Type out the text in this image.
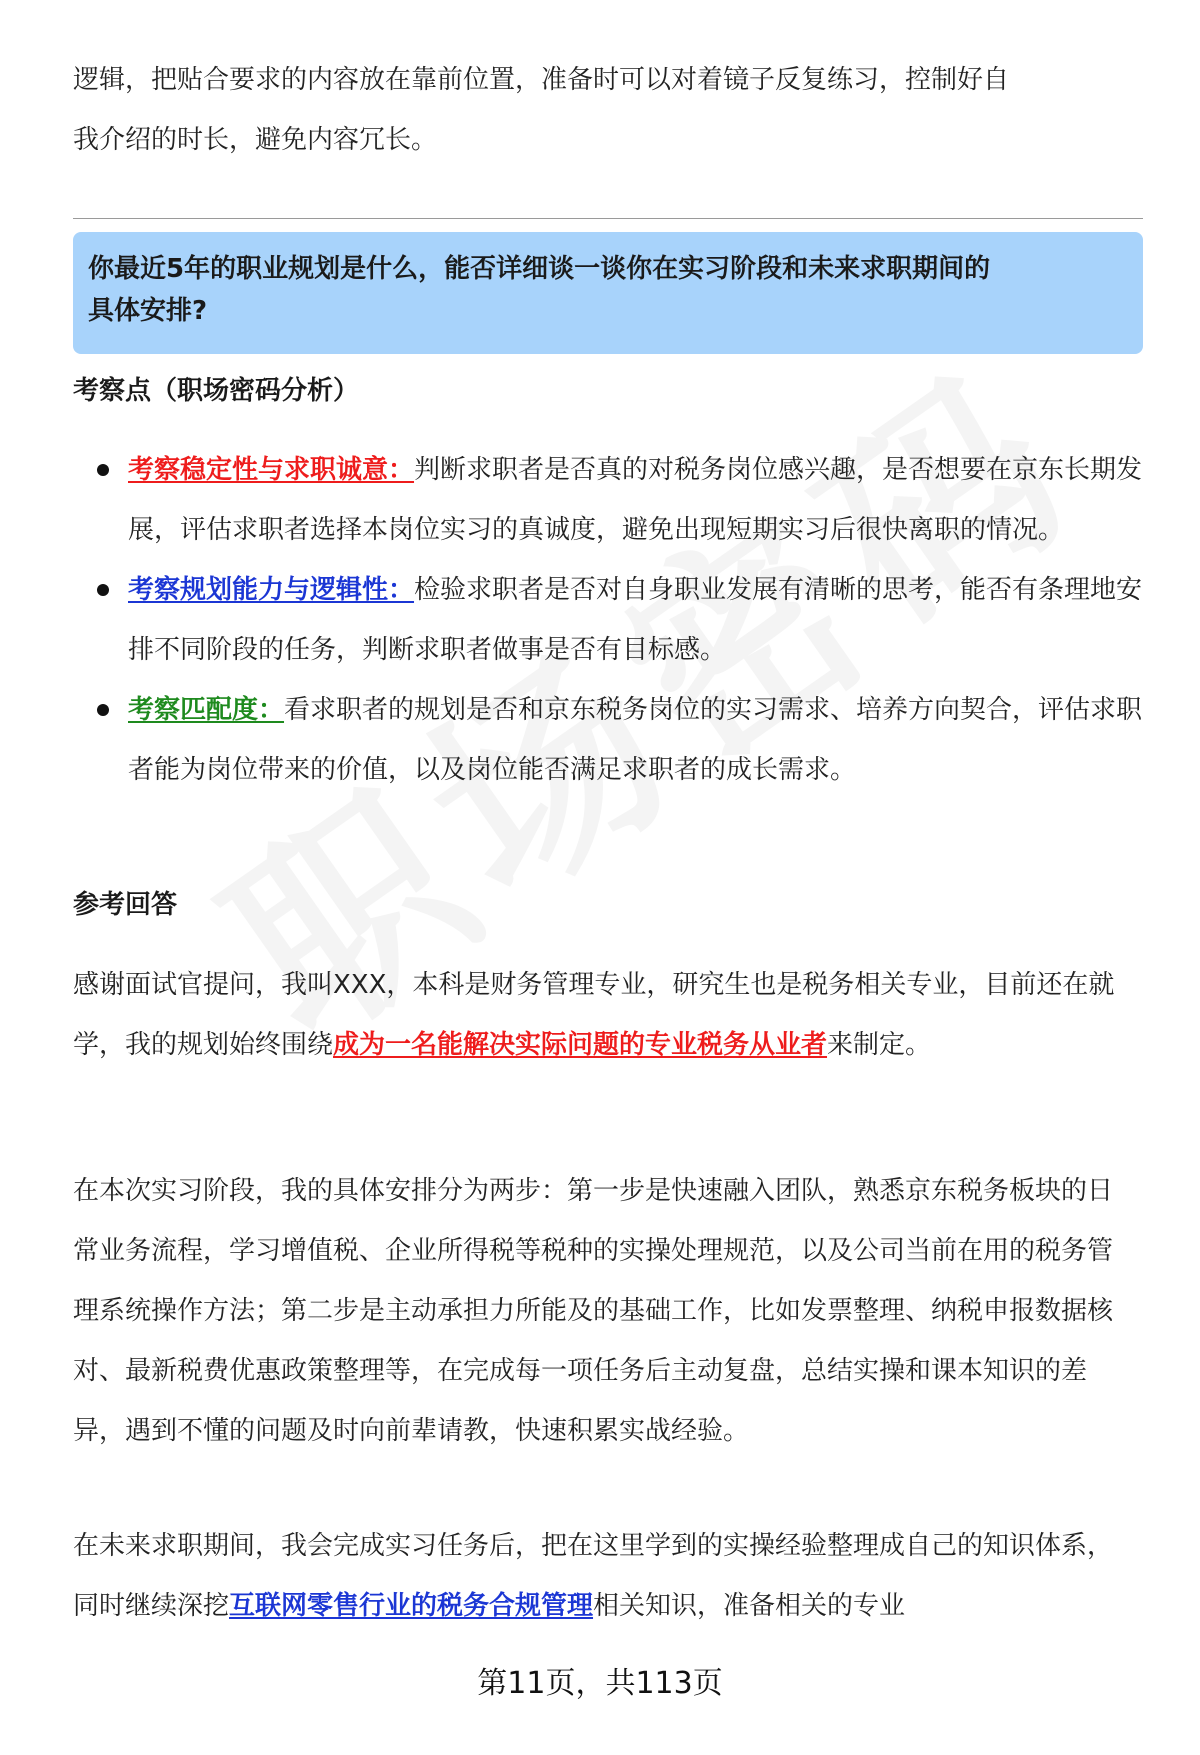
逻辑，把贴合要求的内容放在靠前位置，准备时可以对着镜子反复练习，控制好自

我介绍的时长，避免内容冗长。

你最近5年的职业规划是什么，能否详细谈一谈你在实习阶段和未来求职期间的
具体安排?
考察点（职场密码分析）
考察稳定性与求职诚意：判断求职者是否真的对税务岗位感兴趣，是否想要在京东长期发展，评估求职者选择本岗位实习的真诚度，避免出现短期实习后很快离职的情况。
考察规划能力与逻辑性：检验求职者是否对自身职业发展有清晰的思考，能否有条理地安排不同阶段的任务，判断求职者做事是否有目标感。
考察匹配度：看求职者的规划是否和京东税务岗位的实习需求、培养方向契合，评估求职者能为岗位带来的价值，以及岗位能否满足求职者的成长需求。
参考回答

感谢面试官提问，我叫XXX，本科是财务管理专业，研究生也是税务相关专业，目前还在就学，我的规划始终围绕成为一名能解决实际问题的专业税务从业者来制定。

在本次实习阶段，我的具体安排分为两步：第一步是快速融入团队，熟悉京东税务板块的日常业务流程，学习增值税、企业所得税等税种的实操处理规范，以及公司当前在用的税务管理系统操作方法；第二步是主动承担力所能及的基础工作，比如发票整理、纳税申报数据核对、最新税费优惠政策整理等，在完成每一项任务后主动复盘，总结实操和课本知识的差异，遇到不懂的问题及时向前辈请教，快速积累实战经验。

在未来求职期间，我会完成实习任务后，把在这里学到的实操经验整理成自己的知识体系，同时继续深挖互联网零售行业的税务合规管理相关知识，准备相关的专业

第11页，共113页
